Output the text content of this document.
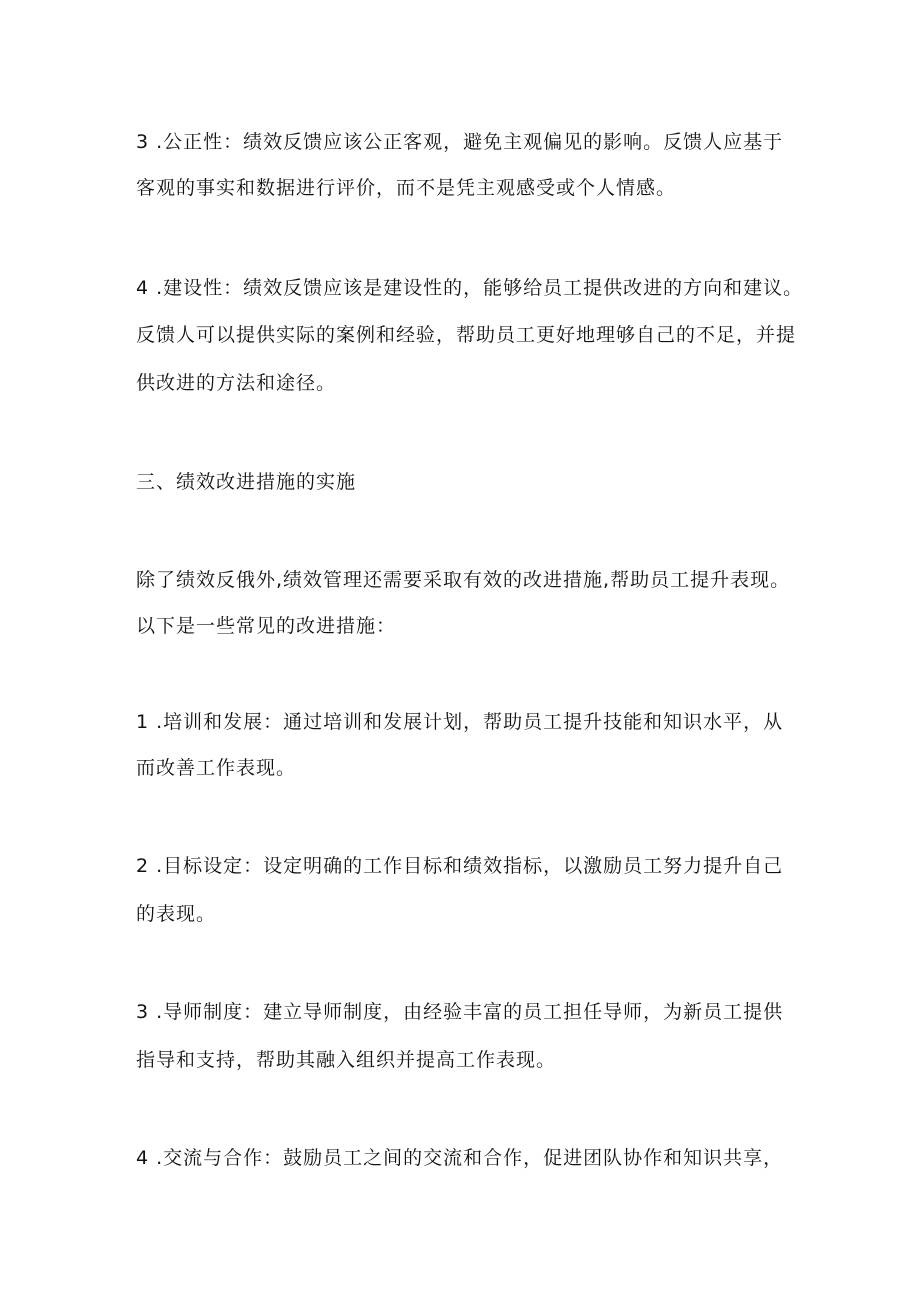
3 .公正性：绩效反馈应该公正客观，避免主观偏见的影响。反馈人应基于
客观的事实和数据进行评价，而不是凭主观感受或个人情感。
4 .建设性：绩效反馈应该是建设性的，能够给员工提供改进的方向和建议。
反馈人可以提供实际的案例和经验，帮助员工更好地理够自己的不足，并提
供改进的方法和途径。
三、绩效改进措施的实施
除了绩效反俄外,绩效管理还需要采取有效的改进措施,帮助员工提升表现。
以下是一些常见的改进措施：
1 .培训和发展：通过培训和发展计划，帮助员工提升技能和知识水平，从
而改善工作表现。
2 .目标设定：设定明确的工作目标和绩效指标，以激励员工努力提升自己
的表现。
3 .导师制度：建立导师制度，由经验丰富的员工担任导师，为新员工提供
指导和支持，帮助其融入组织并提高工作表现。
4 .交流与合作：鼓励员工之间的交流和合作，促进团队协作和知识共享，
